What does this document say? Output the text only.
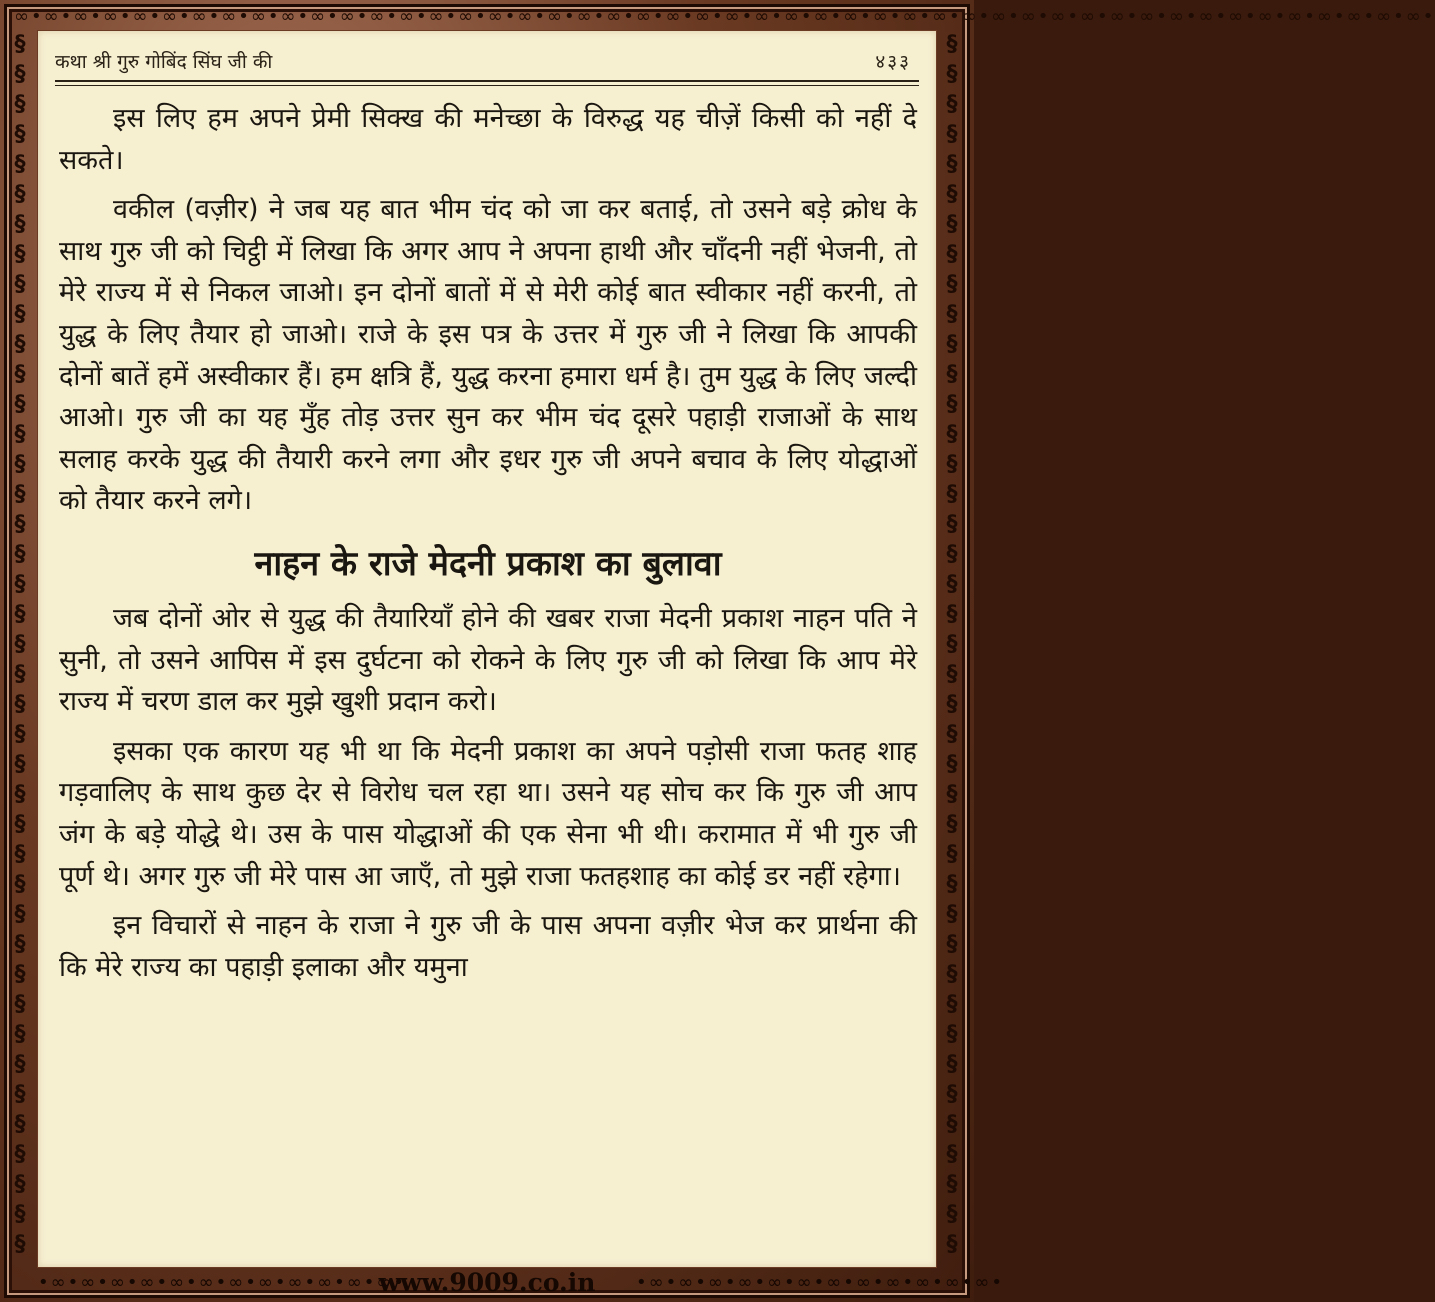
∞•∞•∞•∞•∞•∞•∞•∞•∞•∞•∞•∞•∞•∞•∞•∞•∞•∞•∞•∞•∞•∞•∞•∞•∞•∞•∞•∞•∞•∞•∞•∞•∞•∞•∞•∞•∞•∞•∞•∞•∞•∞•∞•∞•∞•∞•∞•∞•
§
§
§
§
§
§
§
§
§
§
§
§
§
§
§
§
§
§
§
§
§
§
§
§
§
§
§
§
§
§
§
§
§
§
§
§
§
§
§
§
§
§
§
§
§
§
§
§
§
§
§
§
§
§
§
§
§
§
§
§
§
§
§
§
§
§
§
§
§
§
§
§
§
§
§
§
§
§
§
§
§
§
कथा श्री गुरु गोबिंद सिंघ जी की	४३३

इस लिए हम अपने प्रेमी सिक्ख की मनेच्छा के विरुद्ध यह चीज़ें किसी को नहीं दे सकते।

वकील (वज़ीर) ने जब यह बात भीम चंद को जा कर बताई, तो उसने बड़े क्रोध के साथ गुरु जी को चिट्ठी में लिखा कि अगर आप ने अपना हाथी और चाँदनी नहीं भेजनी, तो मेरे राज्य में से निकल जाओ। इन दोनों बातों में से मेरी कोई बात स्वीकार नहीं करनी, तो युद्ध के लिए तैयार हो जाओ। राजे के इस पत्र के उत्तर में गुरु जी ने लिखा कि आपकी दोनों बातें हमें अस्वीकार हैं। हम क्षत्रि हैं, युद्ध करना हमारा धर्म है। तुम युद्ध के लिए जल्दी आओ। गुरु जी का यह मुँह तोड़ उत्तर सुन कर भीम चंद दूसरे पहाड़ी राजाओं के साथ सलाह करके युद्ध की तैयारी करने लगा और इधर गुरु जी अपने बचाव के लिए योद्धाओं को तैयार करने लगे।

नाहन के राजे मेदनी प्रकाश का बुलावा

जब दोनों ओर से युद्ध की तैयारियाँ होने की खबर राजा मेदनी प्रकाश नाहन पति ने सुनी, तो उसने आपिस में इस दुर्घटना को रोकने के लिए गुरु जी को लिखा कि आप मेरे राज्य में चरण डाल कर मुझे खुशी प्रदान करो।

इसका एक कारण यह भी था कि मेदनी प्रकाश का अपने पड़ोसी राजा फतह शाह गड़वालिए के साथ कुछ देर से विरोध चल रहा था। उसने यह सोच कर कि गुरु जी आप जंग के बड़े योद्धे थे। उस के पास योद्धाओं की एक सेना भी थी। करामात में भी गुरु जी पूर्ण थे। अगर गुरु जी मेरे पास आ जाएँ, तो मुझे राजा फतहशाह का कोई डर नहीं रहेगा।

इन विचारों से नाहन के राजा ने गुरु जी के पास अपना वज़ीर भेज कर प्रार्थना की कि मेरे राज्य का पहाड़ी इलाका और यमुना

•∞•∞•∞•∞•∞•∞•∞•∞•∞•∞•∞•∞•
www.9009.co.in •∞•∞•∞•∞•∞•∞•∞•∞•∞•∞•∞•∞•
